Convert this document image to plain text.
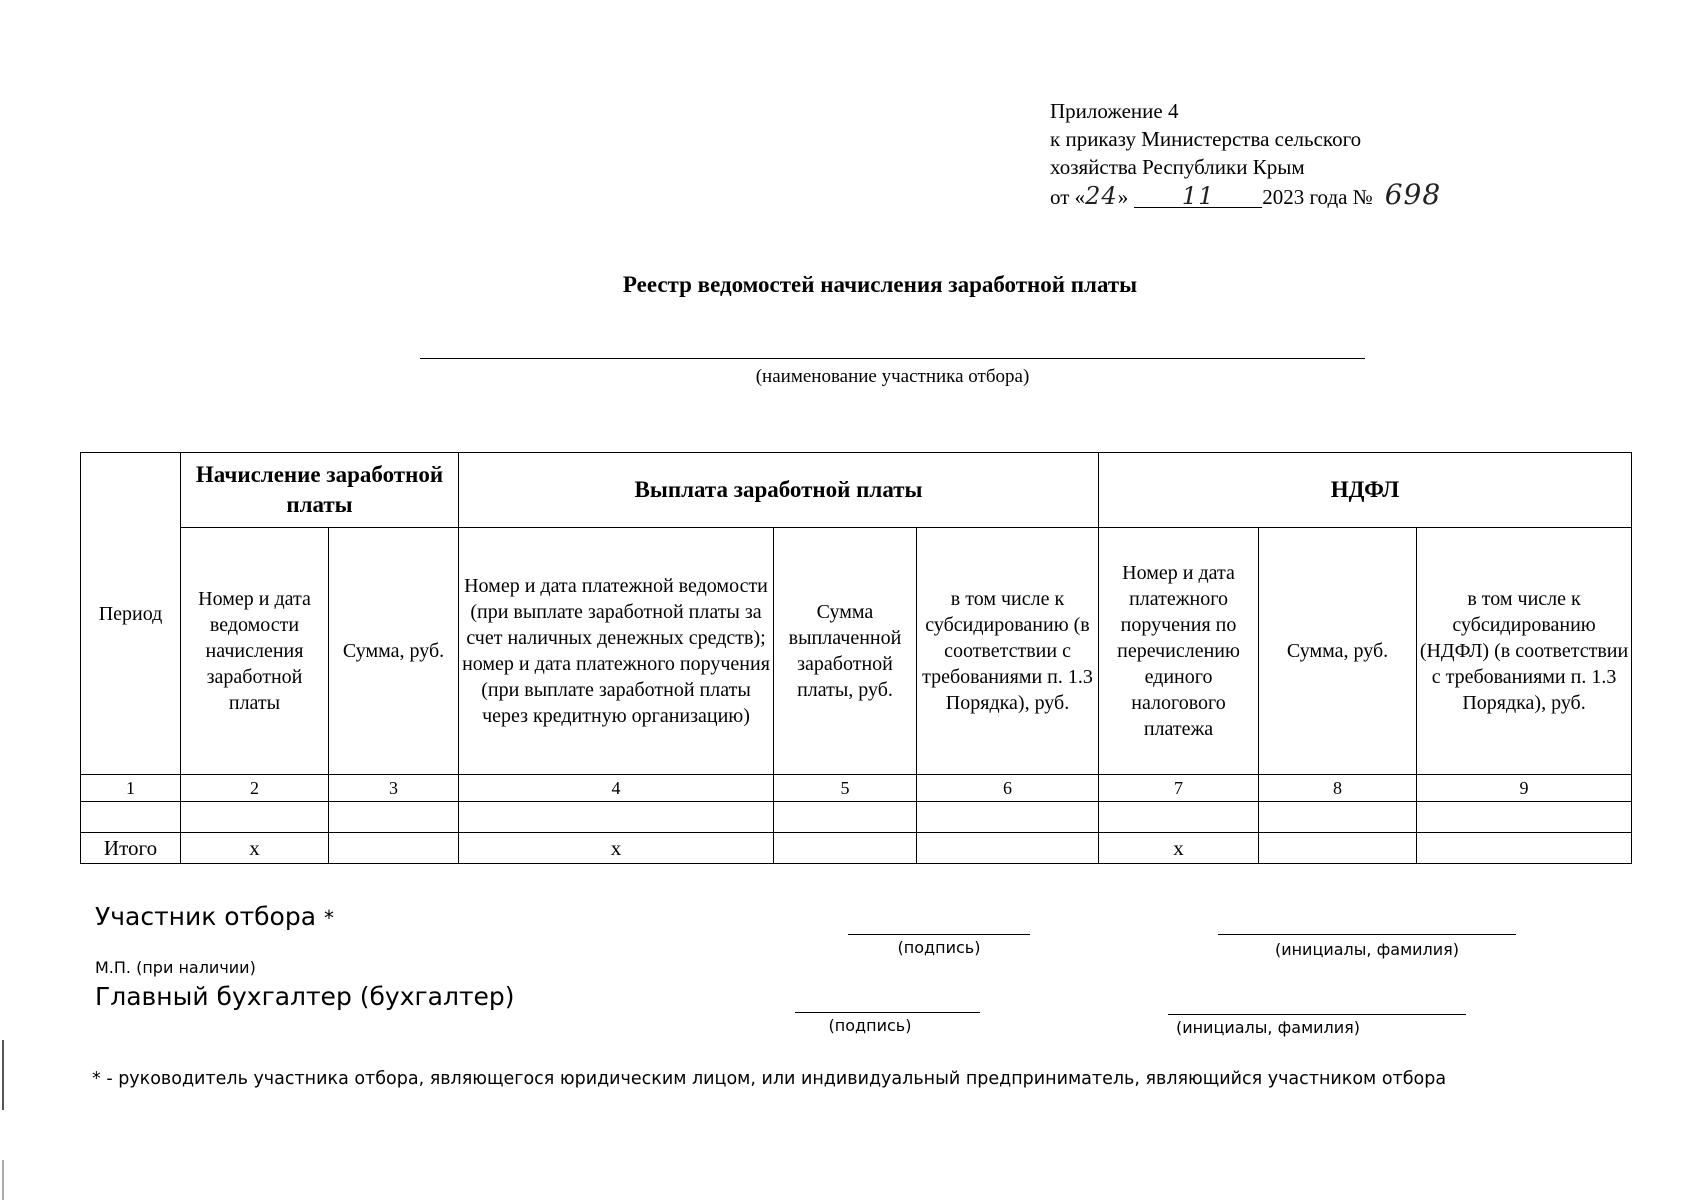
Приложение 4
к приказу Министерства сельского
хозяйства Республики Крым
от « 24 »	11	2023 года № 698
Реестр ведомостей начисления заработной платы
(наименование участника отбора)
Период	Начисление заработной платы		Выплата заработной платы			НДФЛ		
	Номер и дата ведомости начисления заработной платы	Сумма, руб.	Номер и дата платежной ведомости (при выплате заработной платы за счет наличных денежных средств); номер и дата платежного поручения (при выплате заработной платы через кредитную организацию)	Сумма выплаченной заработной платы, руб.	в том числе к субсидированию (в соответствии с требованиями п. 1.3 Порядка), руб.	Номер и дата платежного поручения по перечислению единого налогового платежа	Сумма, руб.	в том числе к субсидированию (НДФЛ) (в соответствии с требованиями п. 1.3 Порядка), руб.
1	2	3	4	5	6	7	8	9

Итого	х		х			х		
Участник отбора *
(подпись)	(инициалы, фамилия)
М.П. (при наличии)
Главный бухгалтер (бухгалтер)
(подпись)	(инициалы, фамилия)
* - руководитель участника отбора, являющегося юридическим лицом, или индивидуальный предприниматель, являющийся участником отбора
